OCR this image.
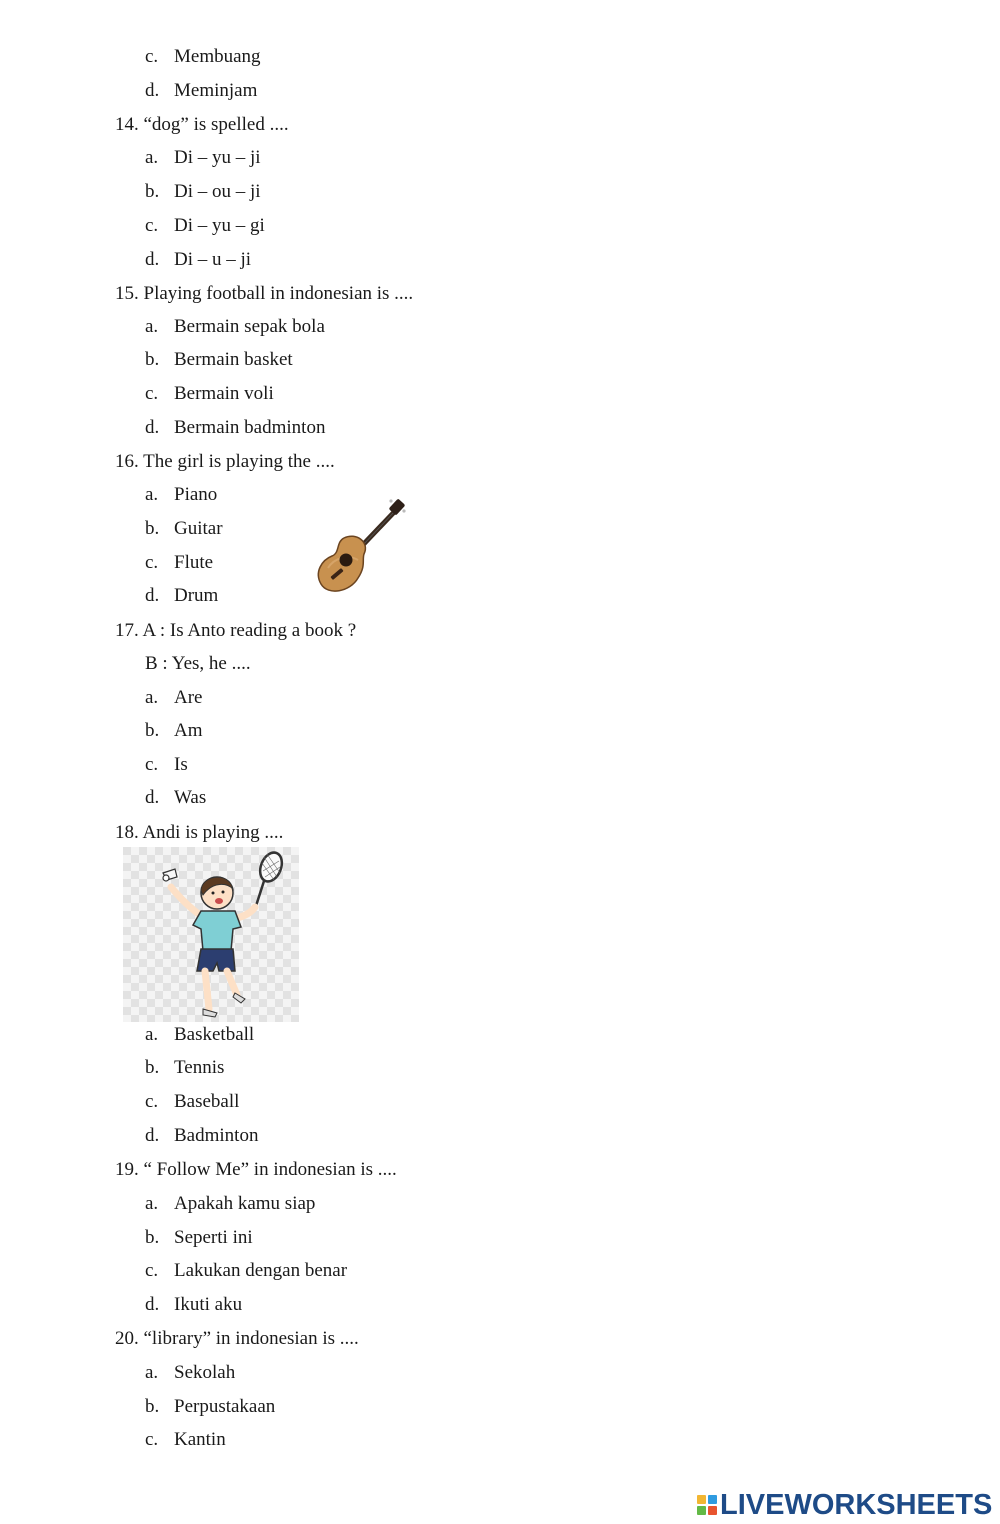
c. Membuang
d. Meminjam
14. “dog” is spelled ....
a. Di – yu – ji
b. Di – ou – ji
c. Di – yu – gi
d. Di – u – ji
15. Playing football in indonesian is ....
a. Bermain sepak bola
b. Bermain basket
c. Bermain voli
d. Bermain badminton
16. The girl is playing the ....
a. Piano
b. Guitar
c. Flute
d. Drum
17. A : Is Anto reading a book ?
B : Yes, he ....
a. Are
b. Am
c. Is
d. Was
18. Andi is playing ....
a. Basketball
b. Tennis
c. Baseball
d. Badminton
19. “ Follow Me” in indonesian is ....
a. Apakah kamu siap
b. Seperti ini
c. Lakukan dengan benar
d. Ikuti aku
20. “library” in indonesian is ....
a. Sekolah
b. Perpustakaan
c. Kantin
LIVEWORKSHEETS
